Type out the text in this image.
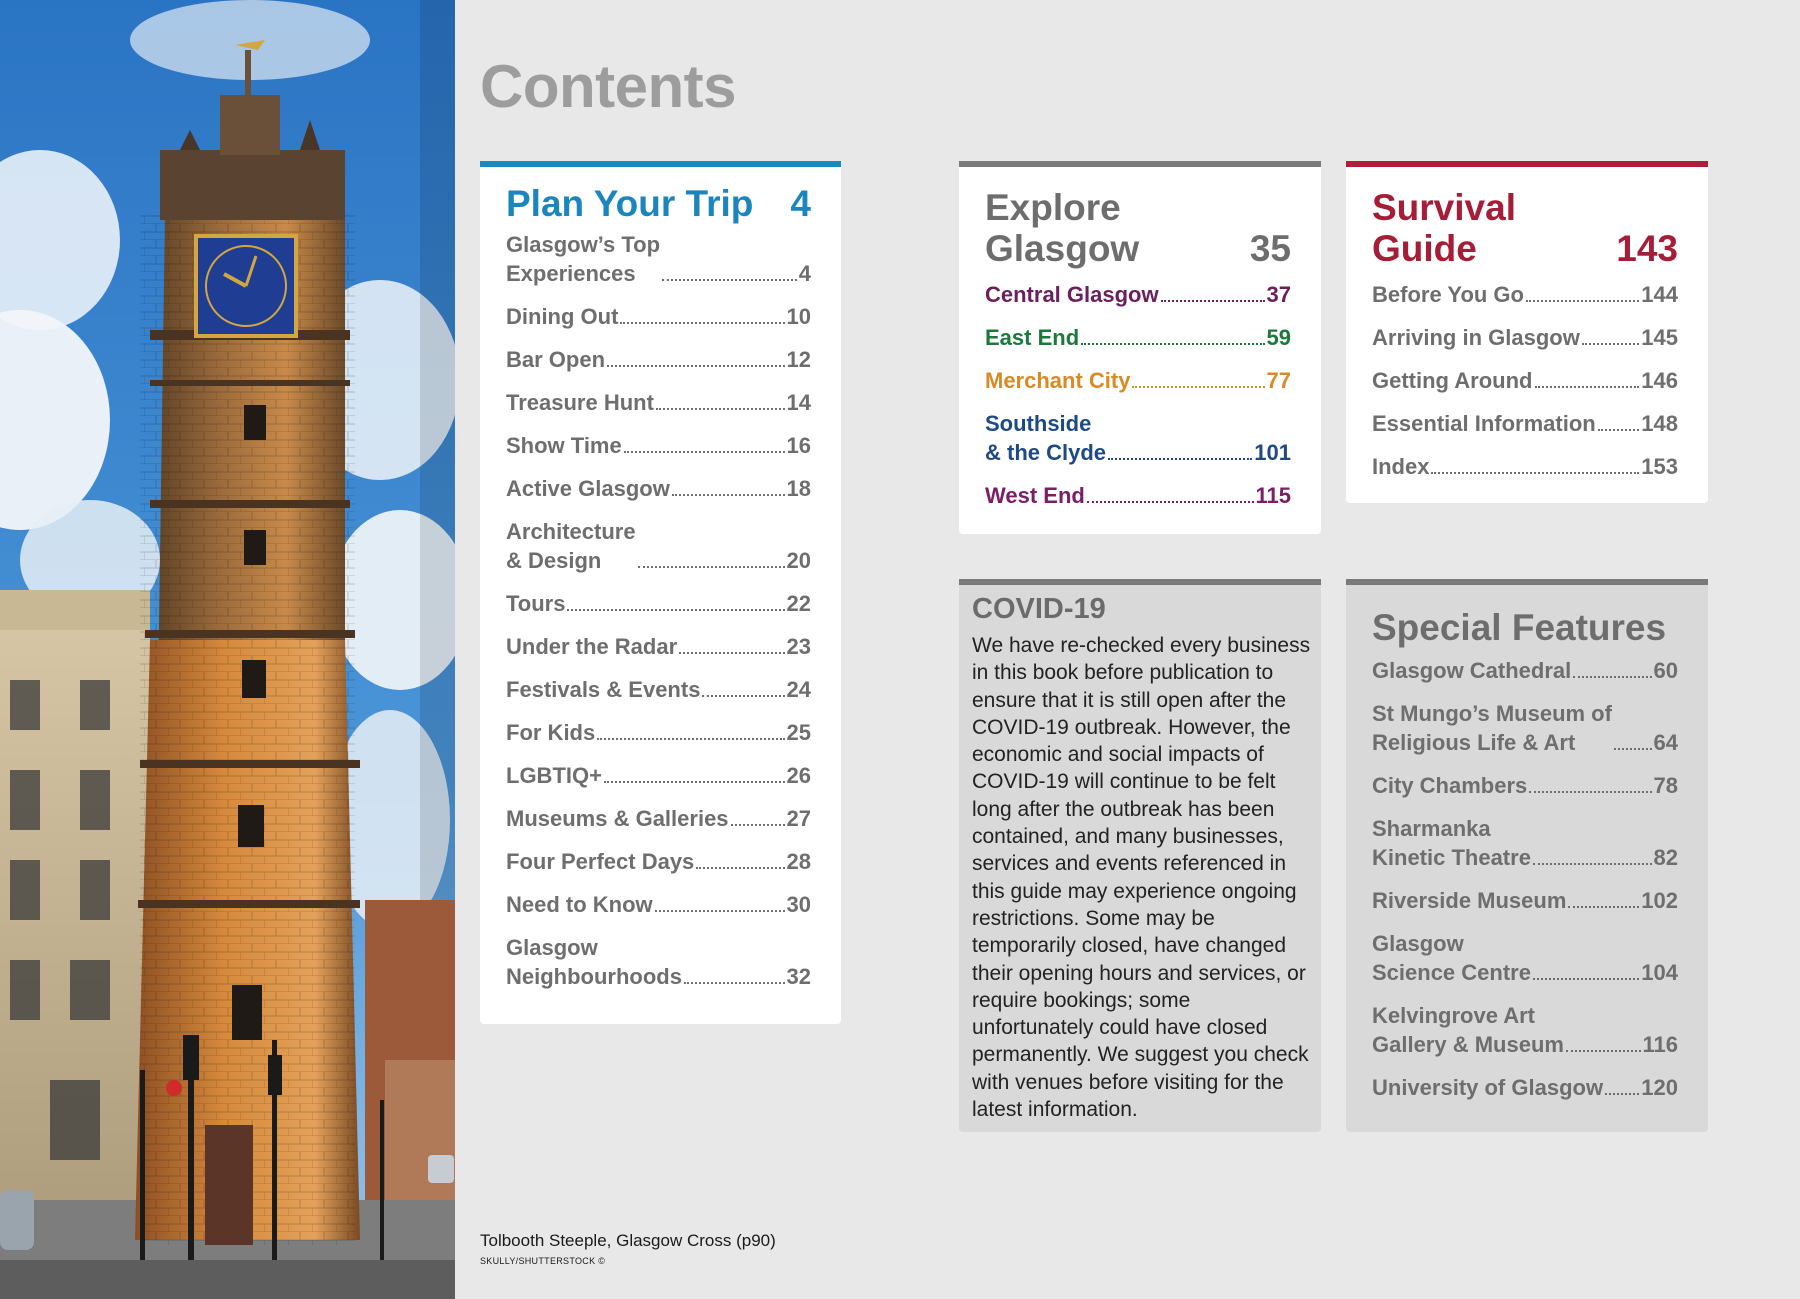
Contents
Plan Your Trip 4
Glasgow’s Top
Experiences	4
Dining Out	10
Bar Open	12
Treasure Hunt	14
Show Time	16
Active Glasgow	18
Architecture
& Design	20
Tours	22
Under the Radar	23
Festivals & Events	24
For Kids	25
LGBTIQ+	26
Museums & Galleries	27
Four Perfect Days	28
Need to Know	30
Glasgow
Neighbourhoods	32
Explore
Glasgow	35
Central Glasgow	37
East End	59
Merchant City	77
Southside
& the Clyde	101
West End	115
Survival
Guide	143
Before You Go	144
Arriving in Glasgow	145
Getting Around	146
Essential Information 148
Index	153
COVID-19
We have re-checked every business in this book before publication to ensure that it is still open after the COVID-19 outbreak. However, the economic and social impacts of COVID-19 will continue to be felt long after the outbreak has been contained, and many businesses, services and events referenced in this guide may experience ongoing restrictions. Some may be temporarily closed, have changed their opening hours and services, or require bookings; some unfortunately could have closed permanently. We suggest you check with venues before visiting for the latest information.
Special Features
Glasgow Cathedral	60
St Mungo’s Museum of
Religious Life & Art	64
City Chambers	78
Sharmanka
Kinetic Theatre	82
Riverside Museum	102
Glasgow
Science Centre	104
Kelvingrove Art
Gallery & Museum	116
University of Glasgow 120
Tolbooth Steeple, Glasgow Cross (p90)
SKULLY/SHUTTERSTOCK ©
